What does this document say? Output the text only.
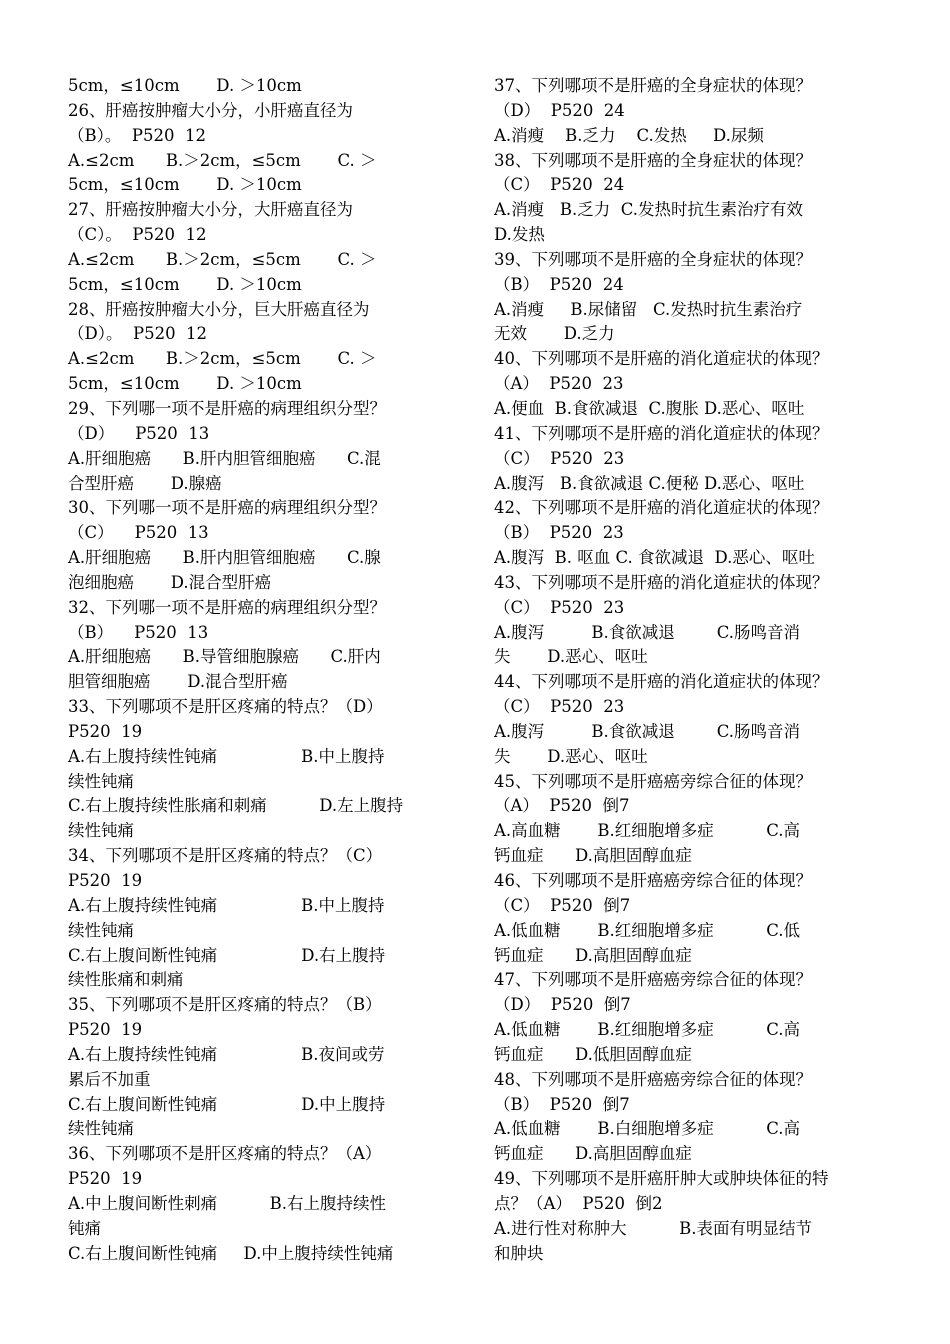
5cm，≤10cm       D. ＞10cm
26、肝癌按肿瘤大小分，小肝癌直径为
（B）。  P520  12
A.≤2cm      B.＞2cm，≤5cm       C. ＞
5cm，≤10cm       D. ＞10cm
27、肝癌按肿瘤大小分，大肝癌直径为
（C）。  P520  12
A.≤2cm      B.＞2cm，≤5cm       C. ＞
5cm，≤10cm       D. ＞10cm
28、肝癌按肿瘤大小分，巨大肝癌直径为
（D）。  P520  12
A.≤2cm      B.＞2cm，≤5cm       C. ＞
5cm，≤10cm       D. ＞10cm
29、下列哪一项不是肝癌的病理组织分型？
（D）    P520  13
A.肝细胞癌      B.肝内胆管细胞癌      C.混
合型肝癌       D.腺癌
30、下列哪一项不是肝癌的病理组织分型？
（C）    P520  13
A.肝细胞癌      B.肝内胆管细胞癌      C.腺
泡细胞癌       D.混合型肝癌
32、下列哪一项不是肝癌的病理组织分型？
（B）    P520  13
A.肝细胞癌      B.导管细胞腺癌      C.肝内
胆管细胞癌       D.混合型肝癌
33、下列哪项不是肝区疼痛的特点？（D）
P520  19
A.右上腹持续性钝痛                B.中上腹持
续性钝痛
C.右上腹持续性胀痛和刺痛          D.左上腹持
续性钝痛
34、下列哪项不是肝区疼痛的特点？（C）
P520  19
A.右上腹持续性钝痛                B.中上腹持
续性钝痛
C.右上腹间断性钝痛                D.右上腹持
续性胀痛和刺痛
35、下列哪项不是肝区疼痛的特点？（B）
P520  19
A.右上腹持续性钝痛                B.夜间或劳
累后不加重
C.右上腹间断性钝痛                D.中上腹持
续性钝痛
36、下列哪项不是肝区疼痛的特点？（A）
P520  19
A.中上腹间断性刺痛          B.右上腹持续性
钝痛
C.右上腹间断性钝痛     D.中上腹持续性钝痛
37、下列哪项不是肝癌的全身症状的体现？
（D）  P520  24
A.消瘦    B.乏力    C.发热     D.尿频
38、下列哪项不是肝癌的全身症状的体现？
（C）  P520  24
A.消瘦   B.乏力  C.发热时抗生素治疗有效
D.发热
39、下列哪项不是肝癌的全身症状的体现？
（B）  P520  24
A.消瘦     B.尿储留   C.发热时抗生素治疗
无效       D.乏力
40、下列哪项不是肝癌的消化道症状的体现？
（A）  P520  23
A.便血  B.食欲减退  C.腹胀 D.恶心、呕吐
41、下列哪项不是肝癌的消化道症状的体现？
（C）  P520  23
A.腹泻   B.食欲减退 C.便秘 D.恶心、呕吐
42、下列哪项不是肝癌的消化道症状的体现？
（B）  P520  23
A.腹泻  B. 呕血 C. 食欲减退  D.恶心、呕吐
43、下列哪项不是肝癌的消化道症状的体现？
（C）  P520  23
A.腹泻         B.食欲减退        C.肠鸣音消
失       D.恶心、呕吐
44、下列哪项不是肝癌的消化道症状的体现？
（C）  P520  23
A.腹泻         B.食欲减退        C.肠鸣音消
失       D.恶心、呕吐
45、下列哪项不是肝癌癌旁综合征的体现？
（A）  P520  倒7
A.高血糖       B.红细胞增多症          C.高
钙血症      D.高胆固醇血症
46、下列哪项不是肝癌癌旁综合征的体现？
（C）  P520  倒7
A.低血糖       B.红细胞增多症          C.低
钙血症      D.高胆固醇血症
47、下列哪项不是肝癌癌旁综合征的体现？
（D）  P520  倒7
A.低血糖       B.红细胞增多症          C.高
钙血症      D.低胆固醇血症
48、下列哪项不是肝癌癌旁综合征的体现？
（B）  P520  倒7
A.低血糖       B.白细胞增多症          C.高
钙血症      D.高胆固醇血症
49、下列哪项不是肝癌肝肿大或肿块体征的特
点？（A）  P520  倒2
A.进行性对称肿大          B.表面有明显结节
和肿块
